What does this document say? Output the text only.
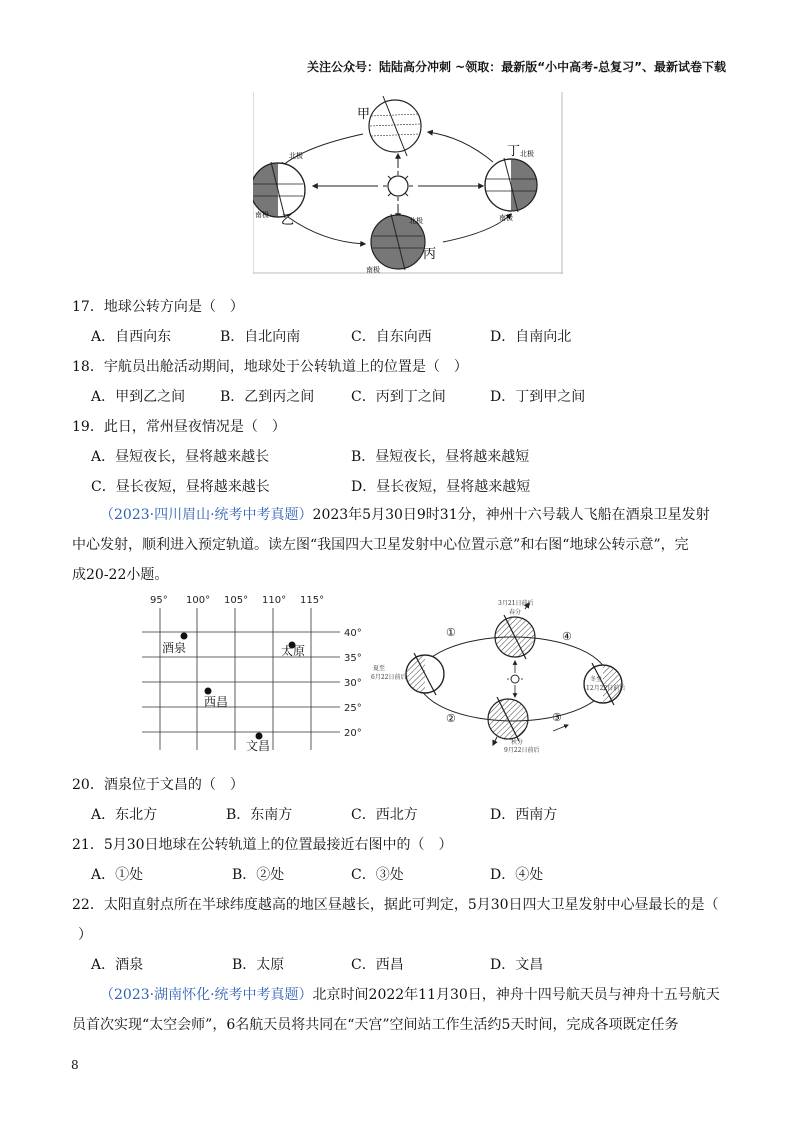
关注公众号：陆陆高分冲刺 ~领取：最新版“小中高考-总复习”、最新试卷下载
甲
乙
北极
南极
丙
北极
南极
丁 北极
南极
17．地球公转方向是（　）
A．自西向东	B．自北向南	C．自东向西	D．自南向北
18．宇航员出舱活动期间，地球处于公转轨道上的位置是（　）
A．甲到乙之间 B．乙到丙之间	C．丙到丁之间	D．丁到甲之间
19．此日，常州昼夜情况是（　）
A．昼短夜长，昼将越来越长	B．昼短夜长，昼将越来越短
C．昼长夜短，昼将越来越长	D．昼长夜短，昼将越来越短
（2023·四川眉山·统考中考真题）2023年5月30日9时31分，神州十六号载人飞船在酒泉卫星发射
中心发射，顺利进入预定轨道。读左图“我国四大卫星发射中心位置示意”和右图“地球公转示意”，完
成20-22小题。
95° 100° 105° 110° 115°
40°
35°
30°
25°
20°
酒泉	太原
西昌
文昌
3月21日前后
春分
夏至
6月22日前后	冬至
12月22日前后
秋分
9月22日前后
①
②	③
④
20．酒泉位于文昌的（　）
A．东北方	B．东南方	C．西北方	D．西南方
21．5月30日地球在公转轨道上的位置最接近右图中的（　）
A．①处	B．②处	C．③处	D．④处
22．太阳直射点所在半球纬度越高的地区昼越长，据此可判定，5月30日四大卫星发射中心昼最长的是（
）
A．酒泉	B．太原	C．西昌	D．文昌
（2023·湖南怀化·统考中考真题）北京时间2022年11月30日，神舟十四号航天员与神舟十五号航天
员首次实现“太空会师”，6名航天员将共同在“天宫”空间站工作生活约5天时间，完成各项既定任务
8
